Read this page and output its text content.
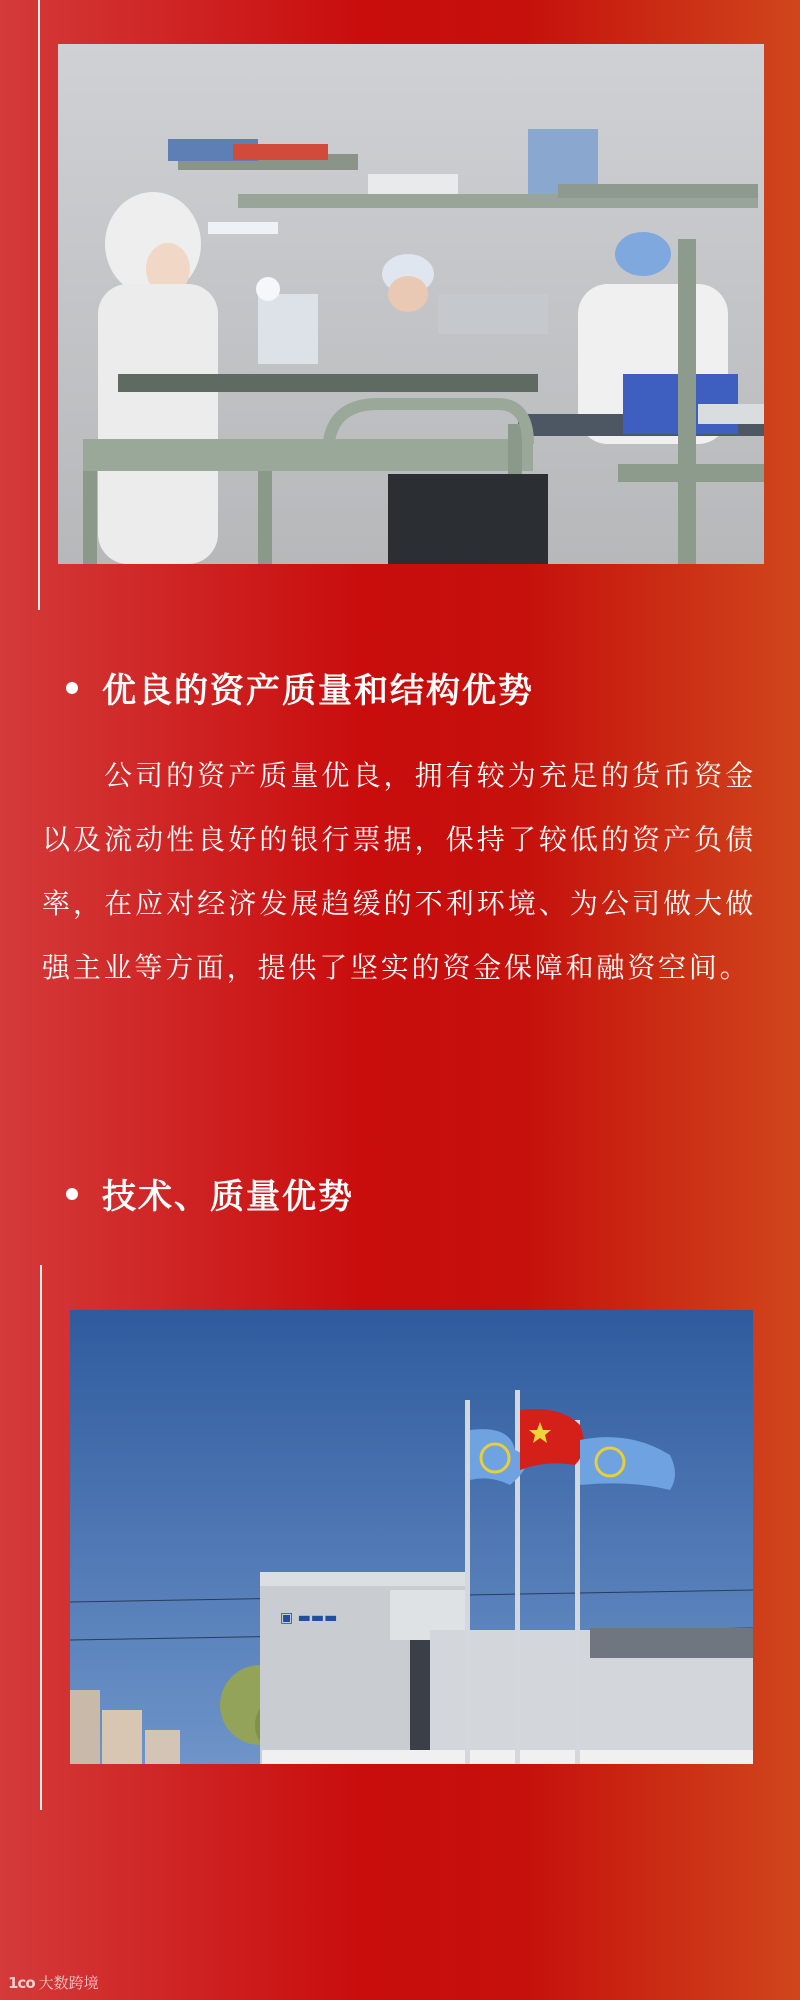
优良的资产质量和结构优势

公司的资产质量优良，拥有较为充足的货币资金以及流动性良好的银行票据，保持了较低的资产负债率，在应对经济发展趋缓的不利环境、为公司做大做强主业等方面，提供了坚实的资金保障和融资空间。

技术、质量优势
▣ ▬▬▬
1co 大数跨境
